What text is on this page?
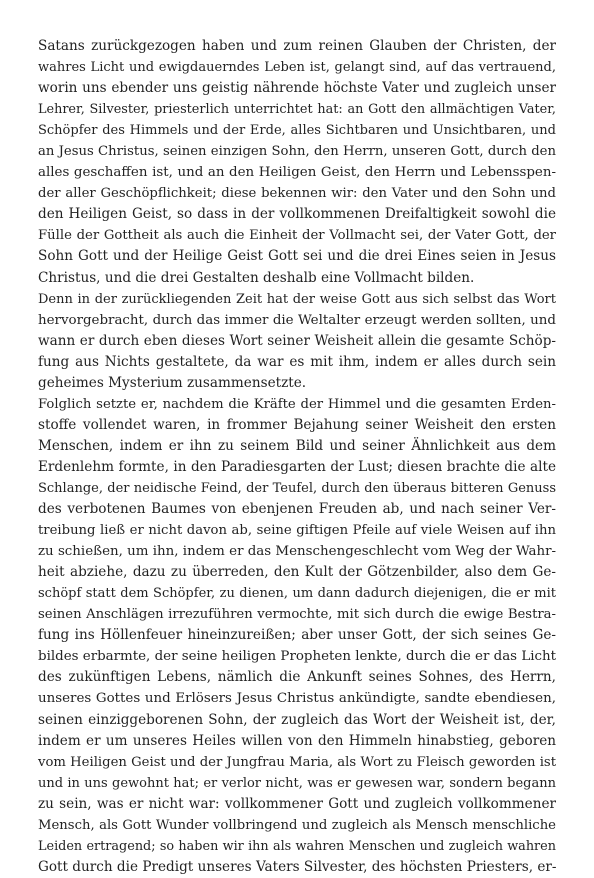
Satans zurückgezogen haben und zum reinen Glauben der Christen, der
wahres Licht und ewigdauerndes Leben ist, gelangt sind, auf das vertrauend,
worin uns ebender uns geistig nährende höchste Vater und zugleich unser
Lehrer, Silvester, priesterlich unterrichtet hat: an Gott den allmächtigen Vater,
Schöpfer des Himmels und der Erde, alles Sichtbaren und Unsichtbaren, und
an Jesus Christus, seinen einzigen Sohn, den Herrn, unseren Gott, durch den
alles geschaffen ist, und an den Heiligen Geist, den Herrn und Lebensspen-
der aller Geschöpflichkeit; diese bekennen wir: den Vater und den Sohn und
den Heiligen Geist, so dass in der vollkommenen Dreifaltigkeit sowohl die
Fülle der Gottheit als auch die Einheit der Vollmacht sei, der Vater Gott, der
Sohn Gott und der Heilige Geist Gott sei und die drei Eines seien in Jesus
Christus, und die drei Gestalten deshalb eine Vollmacht bilden.

Denn in der zurückliegenden Zeit hat der weise Gott aus sich selbst das Wort
hervorgebracht, durch das immer die Weltalter erzeugt werden sollten, und
wann er durch eben dieses Wort seiner Weisheit allein die gesamte Schöp-
fung aus Nichts gestaltete, da war es mit ihm, indem er alles durch sein
geheimes Mysterium zusammensetzte.

Folglich setzte er, nachdem die Kräfte der Himmel und die gesamten Erden-
stoffe vollendet waren, in frommer Bejahung seiner Weisheit den ersten
Menschen, indem er ihn zu seinem Bild und seiner Ähnlichkeit aus dem
Erdenlehm formte, in den Paradiesgarten der Lust; diesen brachte die alte
Schlange, der neidische Feind, der Teufel, durch den überaus bitteren Genuss
des verbotenen Baumes von ebenjenen Freuden ab, und nach seiner Ver-
treibung ließ er nicht davon ab, seine giftigen Pfeile auf viele Weisen auf ihn
zu schießen, um ihn, indem er das Menschengeschlecht vom Weg der Wahr-
heit abziehe, dazu zu überreden, den Kult der Götzenbilder, also dem Ge-
schöpf statt dem Schöpfer, zu dienen, um dann dadurch diejenigen, die er mit
seinen Anschlägen irrezuführen vermochte, mit sich durch die ewige Bestra-
fung ins Höllenfeuer hineinzureißen; aber unser Gott, der sich seines Ge-
bildes erbarmte, der seine heiligen Propheten lenkte, durch die er das Licht
des zukünftigen Lebens, nämlich die Ankunft seines Sohnes, des Herrn,
unseres Gottes und Erlösers Jesus Christus ankündigte, sandte ebendiesen,
seinen einziggeborenen Sohn, der zugleich das Wort der Weisheit ist, der,
indem er um unseres Heiles willen von den Himmeln hinabstieg, geboren
vom Heiligen Geist und der Jungfrau Maria, als Wort zu Fleisch geworden ist
und in uns gewohnt hat; er verlor nicht, was er gewesen war, sondern begann
zu sein, was er nicht war: vollkommener Gott und zugleich vollkommener
Mensch, als Gott Wunder vollbringend und zugleich als Mensch menschliche
Leiden ertragend; so haben wir ihn als wahren Menschen und zugleich wahren
Gott durch die Predigt unseres Vaters Silvester, des höchsten Priesters, er-
